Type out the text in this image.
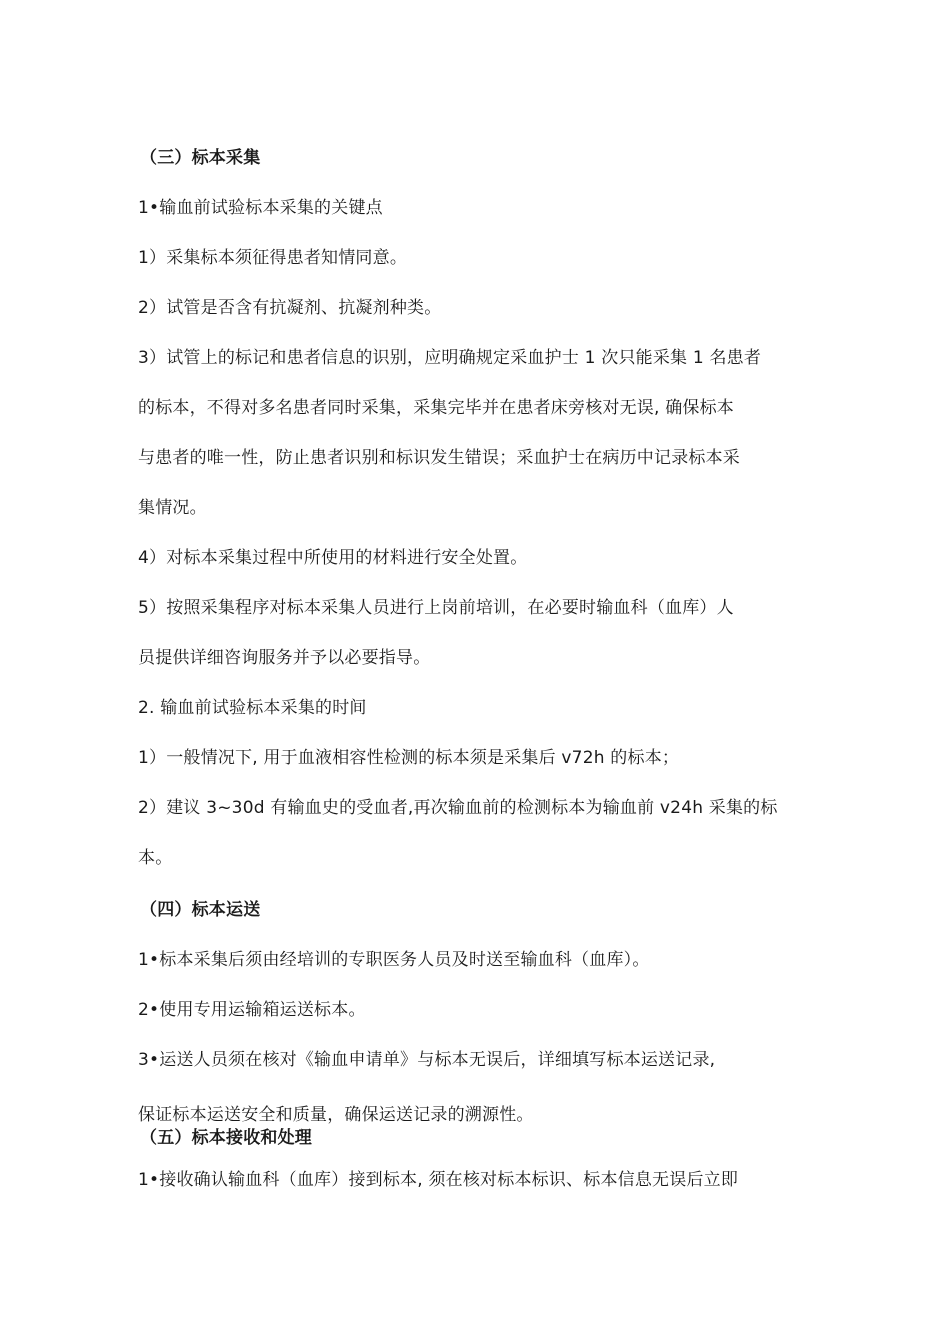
（三）标本采集
1•输血前试验标本采集的关键点
1）采集标本须征得患者知情同意。
2）试管是否含有抗凝剂、抗凝剂种类。
3）试管上的标记和患者信息的识别，应明确规定采血护士 1 次只能采集 1 名患者
的标本，不得对多名患者同时采集，采集完毕并在患者床旁核对无误, 确保标本
与患者的唯一性，防止患者识别和标识发生错误；采血护士在病历中记录标本采
集情况。
4）对标本采集过程中所使用的材料进行安全处置。
5）按照采集程序对标本采集人员进行上岗前培训，在必要时输血科（血库）人
员提供详细咨询服务并予以必要指导。
2. 输血前试验标本采集的时间
1）一般情况下, 用于血液相容性检测的标本须是采集后 v72h 的标本；
2）建议 3~30d 有输血史的受血者,再次输血前的检测标本为输血前 v24h 采集的标
本。
（四）标本运送
1•标本采集后须由经培训的专职医务人员及时送至输血科（血库）。
2•使用专用运输箱运送标本。
3•运送人员须在核对《输血申请单》与标本无误后，详细填写标本运送记录,
保证标本运送安全和质量，确保运送记录的溯源性。
（五）标本接收和处理
1•接收确认输血科（血库）接到标本, 须在核对标本标识、标本信息无误后立即
